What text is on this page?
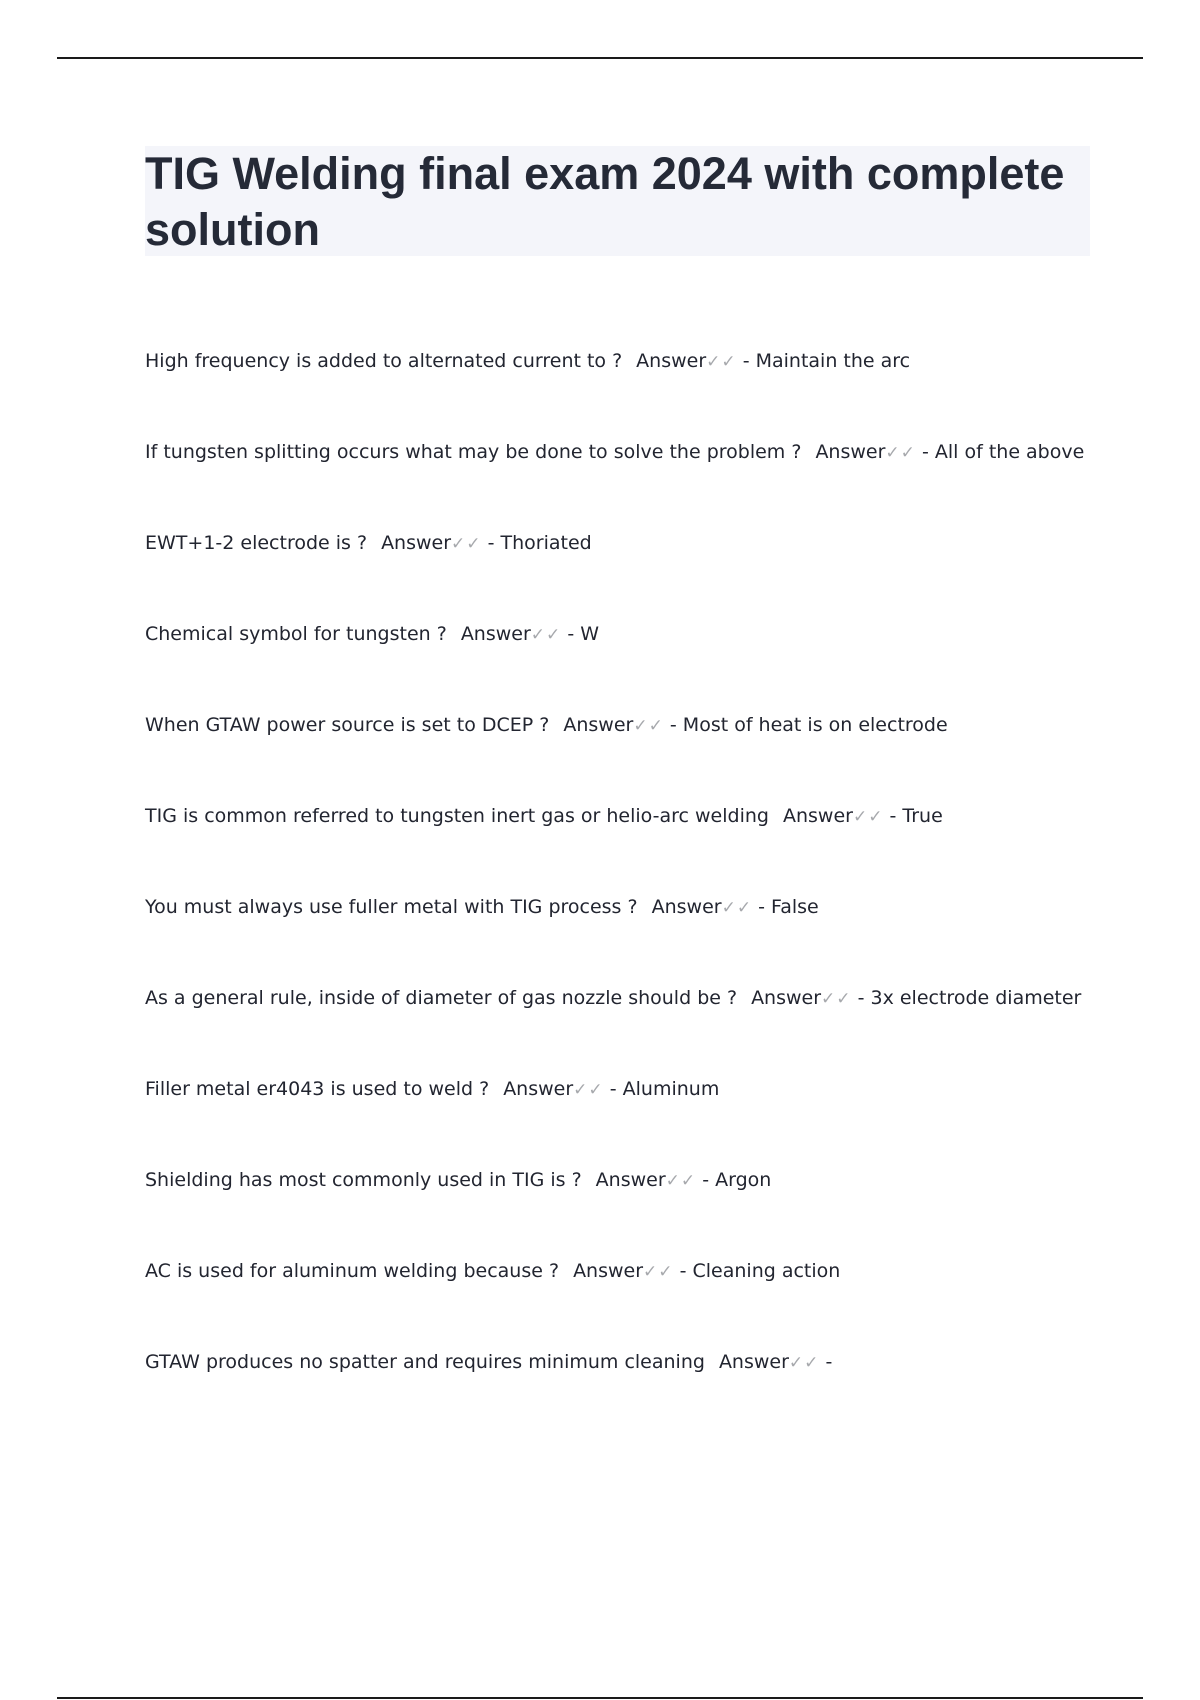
TIG Welding final exam 2024 with complete solution
High frequency is added to alternated current to ? Answer✓✓ - Maintain the arc
If tungsten splitting occurs what may be done to solve the problem ? Answer✓✓ - All of the above
EWT+1-2 electrode is ? Answer✓✓ - Thoriated
Chemical symbol for tungsten ? Answer✓✓ - W
When GTAW power source is set to DCEP ? Answer✓✓ - Most of heat is on electrode
TIG is common referred to tungsten inert gas or helio-arc welding Answer✓✓ - True
You must always use fuller metal with TIG process ? Answer✓✓ - False
As a general rule, inside of diameter of gas nozzle should be ? Answer✓✓ - 3x electrode diameter
Filler metal er4043 is used to weld ? Answer✓✓ - Aluminum
Shielding has most commonly used in TIG is ? Answer✓✓ - Argon
AC is used for aluminum welding because ? Answer✓✓ - Cleaning action
GTAW produces no spatter and requires minimum cleaning Answer✓✓ -
